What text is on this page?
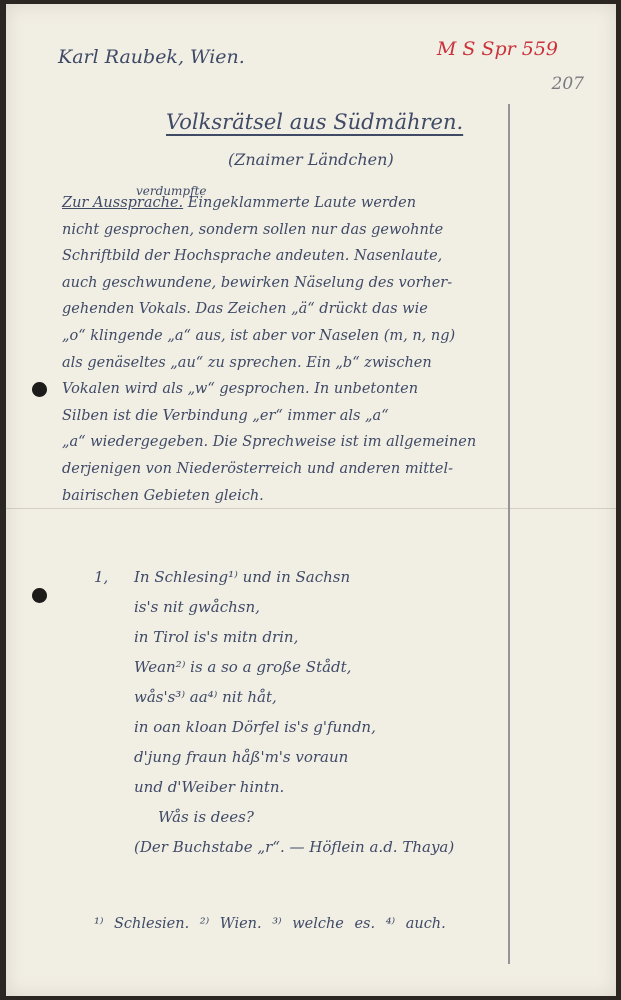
Karl Raubek, Wien.	M S Spr 559
207
Volksrätsel aus Südmähren.
(Znaimer Ländchen)
Zur Aussprache. Eingeklammerte Laute werden
nicht gesprochen, sondern sollen nur das gewohnte
Schriftbild der Hochsprache andeuten. Nasenlaute,
auch geschwundene, bewirken Näselung des vorher-
gehenden Vokals. Das Zeichen „ä“ drückt das wie
„o“ klingende „a“ aus, ist aber vor Naselen (m, n, ng)
verdumpfte
als genäseltes „au“ zu sprechen. Ein „b“ zwischen
Vokalen wird als „w“ gesprochen. In unbetonten
Silben ist die Verbindung „er“ immer als „a“
„a“ wiedergegeben. Die Sprechweise ist im allgemeinen
derjenigen von Niederösterreich und anderen mittel-
bairischen Gebieten gleich.
1, In Schlesing¹⁾ und in Sachsn
is's nit gwåchsn,
in Tirol is's mitn drin,
Wean²⁾ is a so a große Stådt,
wås's³⁾ aa⁴⁾ nit håt,
in oan kloan Dörfel is's g'fundn,
d'jung fraun håß'm's voraun
und d'Weiber hintn.
Wås is dees?
(Der Buchstabe „r“. — Höflein a.d. Thaya)
¹⁾ Schlesien. ²⁾ Wien. ³⁾ welche es. ⁴⁾ auch.
